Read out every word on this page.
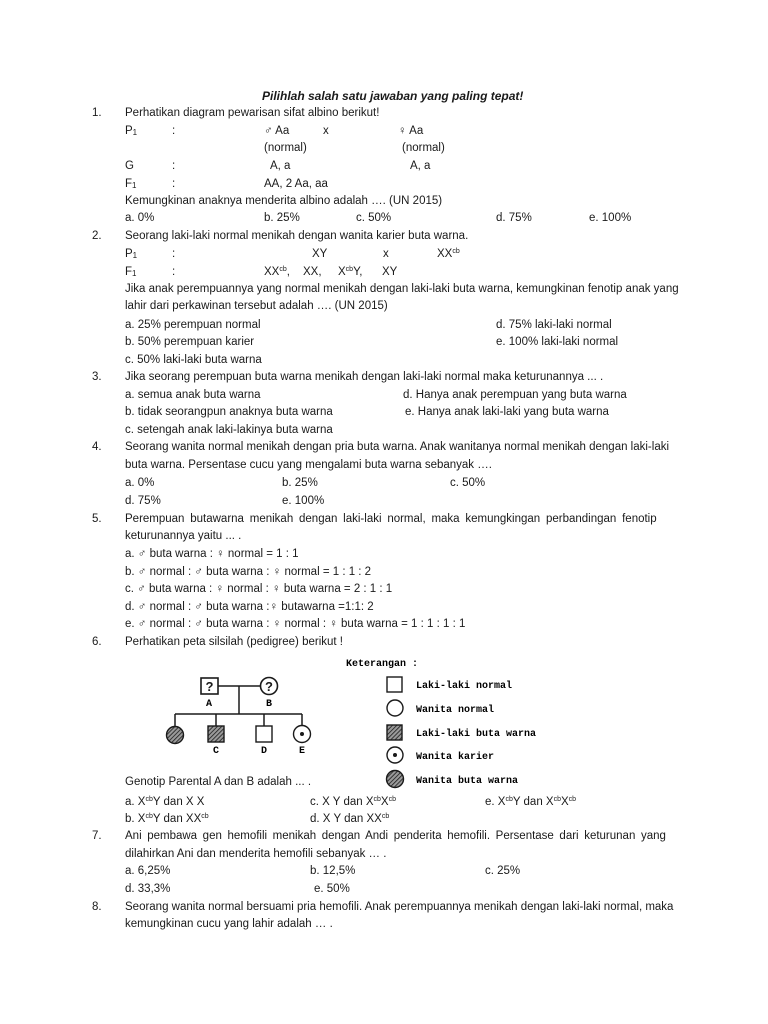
Pilihlah salah satu jawaban yang paling tepat!
1. Perhatikan diagram pewarisan sifat albino berikut!
$P_1$	:	♂ Aa	x	♀ Aa
(normal)	(normal)
G	:	A, a	A, a
$F_1$	:	AA, 2 Aa, aa
Kemungkinan anaknya menderita albino adalah …. (UN 2015)
a. 0%	b. 25%	c. 50%	d. 75%	e. 100%
2. Seorang laki-laki normal menikah dengan wanita karier buta warna.
$P_1$	:	XY	x	$XX^{cb}$
$F_1$	:	$XX^{cb}$, XX, $X^{cb}Y$, XY
Jika anak perempuannya yang normal menikah dengan laki-laki buta warna, kemungkinan fenotip anak yang
lahir dari perkawinan tersebut adalah …. (UN 2015)
a. 25% perempuan normal
b. 50% perempuan karier
c. 50% laki-laki buta warna
d. 75% laki-laki normal
e. 100% laki-laki normal
3. Jika seorang perempuan buta warna menikah dengan laki-laki normal maka keturunannya ... .
a. semua anak buta warna
b. tidak seorangpun anaknya buta warna
c. setengah anak laki-lakinya buta warna
d. Hanya anak perempuan yang buta warna
e. Hanya anak laki-laki yang buta warna
4. Seorang wanita normal menikah dengan pria buta warna. Anak wanitanya normal menikah dengan laki-laki
buta warna. Persentase cucu yang mengalami buta warna sebanyak ….
a. 0%	b. 25%	c. 50%
d. 75%	e. 100%
5. Perempuan butawarna menikah dengan laki-laki normal, maka kemungkingan perbandingan fenotip
keturunannya yaitu ... .
a. ♂ buta warna : ♀ normal = 1 : 1
b. ♂ normal : ♂ buta warna : ♀ normal = 1 : 1 : 2
c. ♂ buta warna : ♀ normal : ♀ buta warna = 2 : 1 : 1
d. ♂ normal : ♂ buta warna :♀ butawarna =1:1: 2
e. ♂ normal : ♂ buta warna : ♀ normal : ♀ buta warna = 1 : 1 : 1 : 1
6. Perhatikan peta silsilah (pedigree) berikut !
?
A
?
B
C	D	E
Keterangan :
Laki-laki normal
Wanita normal
Laki-laki buta warna
Wanita karier
Wanita buta warna
Genotip Parental A dan B adalah ... .
a. $X^{cb}Y$ dan X X
b. $X^{cb}Y$ dan $XX^{cb}$
c. X Y dan $X^{cb}X^{cb}$
d. X Y dan $XX^{cb}$
e. $X^{cb}Y$ dan $X^{cb}X^{cb}$
7. Ani pembawa gen hemofili menikah dengan Andi penderita hemofili. Persentase dari keturunan yang
dilahirkan Ani dan menderita hemofili sebanyak … .
a. 6,25%	b. 12,5%	c. 25%
d. 33,3%	e. 50%
8. Seorang wanita normal bersuami pria hemofili. Anak perempuannya menikah dengan laki-laki normal, maka
kemungkinan cucu yang lahir adalah … .
